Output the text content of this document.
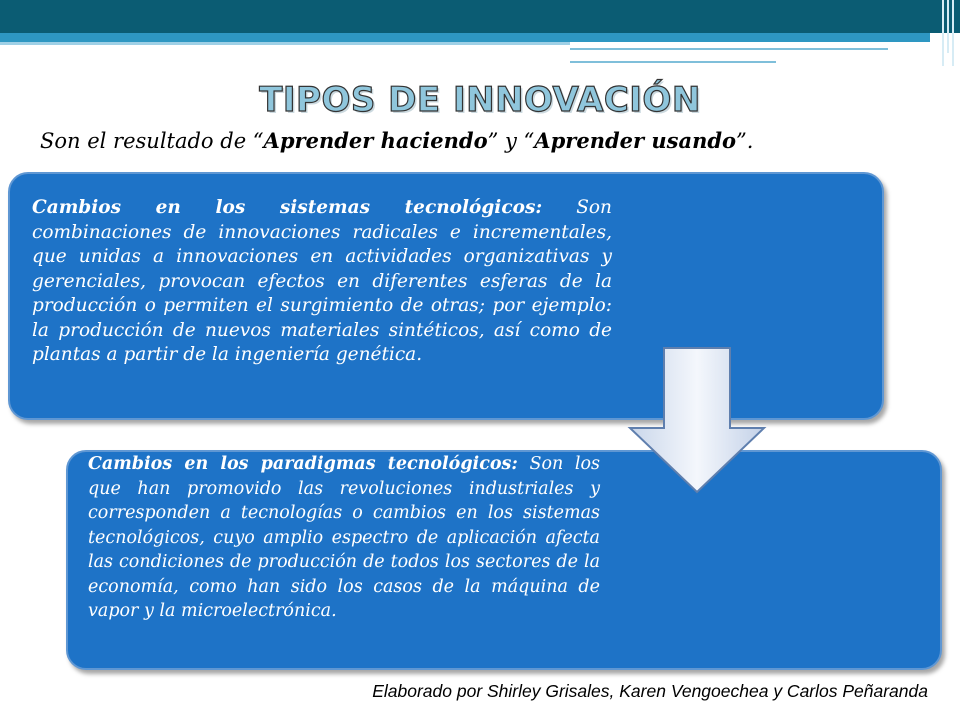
TIPOS DE INNOVACIÓN
Son el resultado de “Aprender haciendo” y “Aprender usando”.
Cambios en los sistemas tecnológicos: Son combinaciones de innovaciones radicales e incrementales, que unidas a innovaciones en actividades organizativas y gerenciales, provocan efectos en diferentes esferas de la producción o permiten el surgimiento de otras; por ejemplo: la producción de nuevos materiales sintéticos, así como de plantas a partir de la ingeniería genética.
Cambios en los paradigmas tecnológicos: Son los que han promovido las revoluciones industriales y corresponden a tecnologías o cambios en los sistemas tecnológicos, cuyo amplio espectro de aplicación afecta las condiciones de producción de todos los sectores de la economía, como han sido los casos de la máquina de vapor y la microelectrónica.
Elaborado por Shirley Grisales, Karen Vengoechea y Carlos Peñaranda
